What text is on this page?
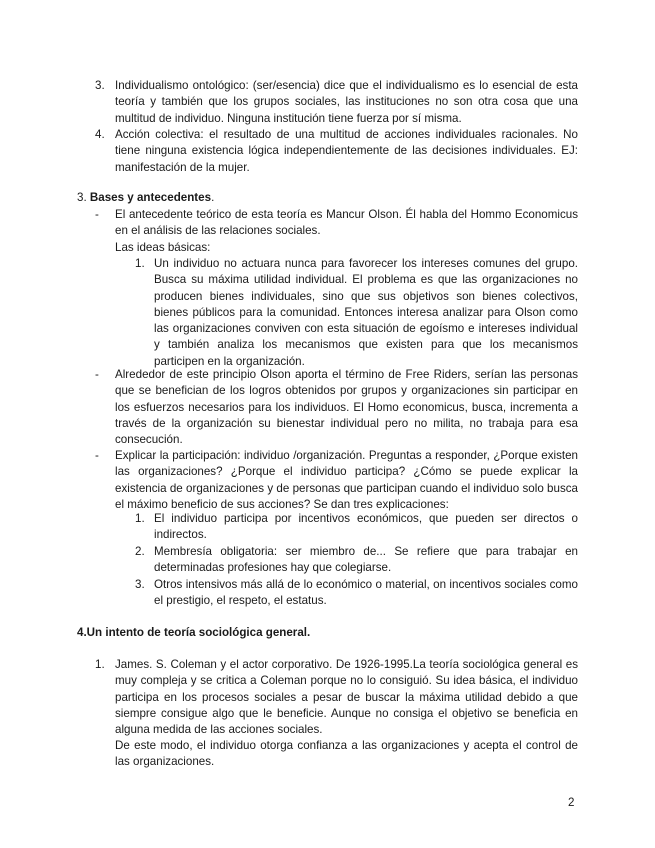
3. Individualismo ontológico: (ser/esencia) dice que el individualismo es lo esencial de esta teoría y también que los grupos sociales, las instituciones no son otra cosa que una multitud de individuo. Ninguna institución tiene fuerza por sí misma.
4. Acción colectiva: el resultado de una multitud de acciones individuales racionales. No tiene ninguna existencia lógica independientemente de las decisiones individuales. EJ: manifestación de la mujer.
3. Bases y antecedentes.
- El antecedente teórico de esta teoría es Mancur Olson. Él habla del Hommo Economicus en el análisis de las relaciones sociales.
Las ideas básicas:
1. Un individuo no actuara nunca para favorecer los intereses comunes del grupo. Busca su máxima utilidad individual. El problema es que las organizaciones no producen bienes individuales, sino que sus objetivos son bienes colectivos, bienes públicos para la comunidad. Entonces interesa analizar para Olson como las organizaciones conviven con esta situación de egoísmo e intereses individual y también analiza los mecanismos que existen para que los mecanismos participen en la organización.
- Alrededor de este principio Olson aporta el término de Free Riders, serían las personas que se benefician de los logros obtenidos por grupos y organizaciones sin participar en los esfuerzos necesarios para los individuos. El Homo economicus, busca, incrementa a través de la organización su bienestar individual pero no milita, no trabaja para esa consecución.
- Explicar la participación: individuo /organización. Preguntas a responder, ¿Porque existen las organizaciones? ¿Porque el individuo participa? ¿Cómo se puede explicar la existencia de organizaciones y de personas que participan cuando el individuo solo busca el máximo beneficio de sus acciones? Se dan tres explicaciones:
1. El individuo participa por incentivos económicos, que pueden ser directos o indirectos.
2. Membresía obligatoria: ser miembro de... Se refiere que para trabajar en determinadas profesiones hay que colegiarse.
3. Otros intensivos más allá de lo económico o material, on incentivos sociales como el prestigio, el respeto, el estatus.
4.Un intento de teoría sociológica general.
1. James. S. Coleman y el actor corporativo. De 1926-1995.La teoría sociológica general es muy compleja y se critica a Coleman porque no lo consiguió. Su idea básica, el individuo participa en los procesos sociales a pesar de buscar la máxima utilidad debido a que siempre consigue algo que le beneficie. Aunque no consiga el objetivo se beneficia en alguna medida de las acciones sociales.
De este modo, el individuo otorga confianza a las organizaciones y acepta el control de las organizaciones.
2
